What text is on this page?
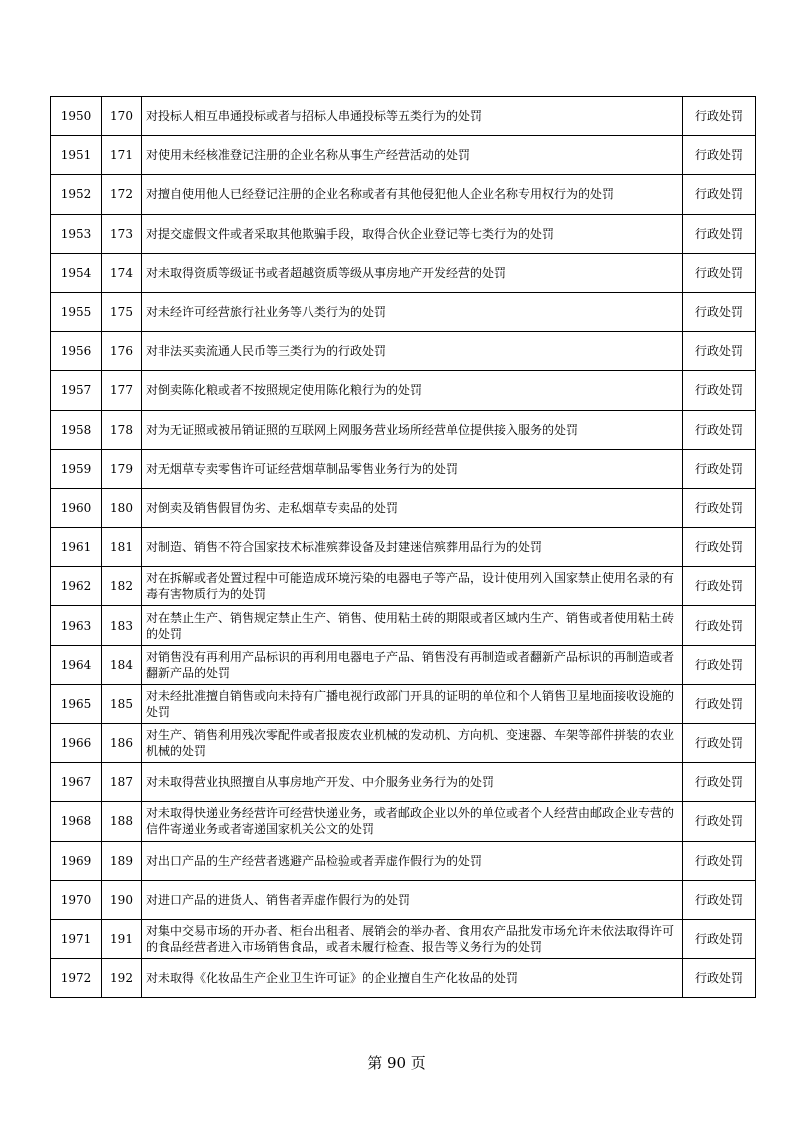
1950	170	对投标人相互串通投标或者与招标人串通投标等五类行为的处罚	行政处罚
1951	171	对使用未经核准登记注册的企业名称从事生产经营活动的处罚	行政处罚
1952	172	对擅自使用他人已经登记注册的企业名称或者有其他侵犯他人企业名称专用权行为的处罚	行政处罚
1953	173	对提交虚假文件或者采取其他欺骗手段，取得合伙企业登记等七类行为的处罚	行政处罚
1954	174	对未取得资质等级证书或者超越资质等级从事房地产开发经营的处罚	行政处罚
1955	175	对未经许可经营旅行社业务等八类行为的处罚	行政处罚
1956	176	对非法买卖流通人民币等三类行为的行政处罚	行政处罚
1957	177	对倒卖陈化粮或者不按照规定使用陈化粮行为的处罚	行政处罚
1958	178	对为无证照或被吊销证照的互联网上网服务营业场所经营单位提供接入服务的处罚	行政处罚
1959	179	对无烟草专卖零售许可证经营烟草制品零售业务行为的处罚	行政处罚
1960	180	对倒卖及销售假冒伪劣、走私烟草专卖品的处罚	行政处罚
1961	181	对制造、销售不符合国家技术标准殡葬设备及封建迷信殡葬用品行为的处罚	行政处罚
1962	182	对在拆解或者处置过程中可能造成环境污染的电器电子等产品，设计使用列入国家禁止使用名录的有毒有害物质行为的处罚	行政处罚
1963	183	对在禁止生产、销售规定禁止生产、销售、使用粘土砖的期限或者区域内生产、销售或者使用粘土砖的处罚	行政处罚
1964	184	对销售没有再利用产品标识的再利用电器电子产品、销售没有再制造或者翻新产品标识的再制造或者翻新产品的处罚	行政处罚
1965	185	对未经批准擅自销售或向未持有广播电视行政部门开具的证明的单位和个人销售卫星地面接收设施的处罚	行政处罚
1966	186	对生产、销售利用残次零配件或者报废农业机械的发动机、方向机、变速器、车架等部件拼装的农业机械的处罚	行政处罚
1967	187	对未取得营业执照擅自从事房地产开发、中介服务业务行为的处罚	行政处罚
1968	188	对未取得快递业务经营许可经营快递业务，或者邮政企业以外的单位或者个人经营由邮政企业专营的信件寄递业务或者寄递国家机关公文的处罚	行政处罚
1969	189	对出口产品的生产经营者逃避产品检验或者弄虚作假行为的处罚	行政处罚
1970	190	对进口产品的进货人、销售者弄虚作假行为的处罚	行政处罚
1971	191	对集中交易市场的开办者、柜台出租者、展销会的举办者、食用农产品批发市场允许未依法取得许可的食品经营者进入市场销售食品，或者未履行检查、报告等义务行为的处罚	行政处罚
1972	192	对未取得《化妆品生产企业卫生许可证》的企业擅自生产化妆品的处罚	行政处罚
第 90 页
